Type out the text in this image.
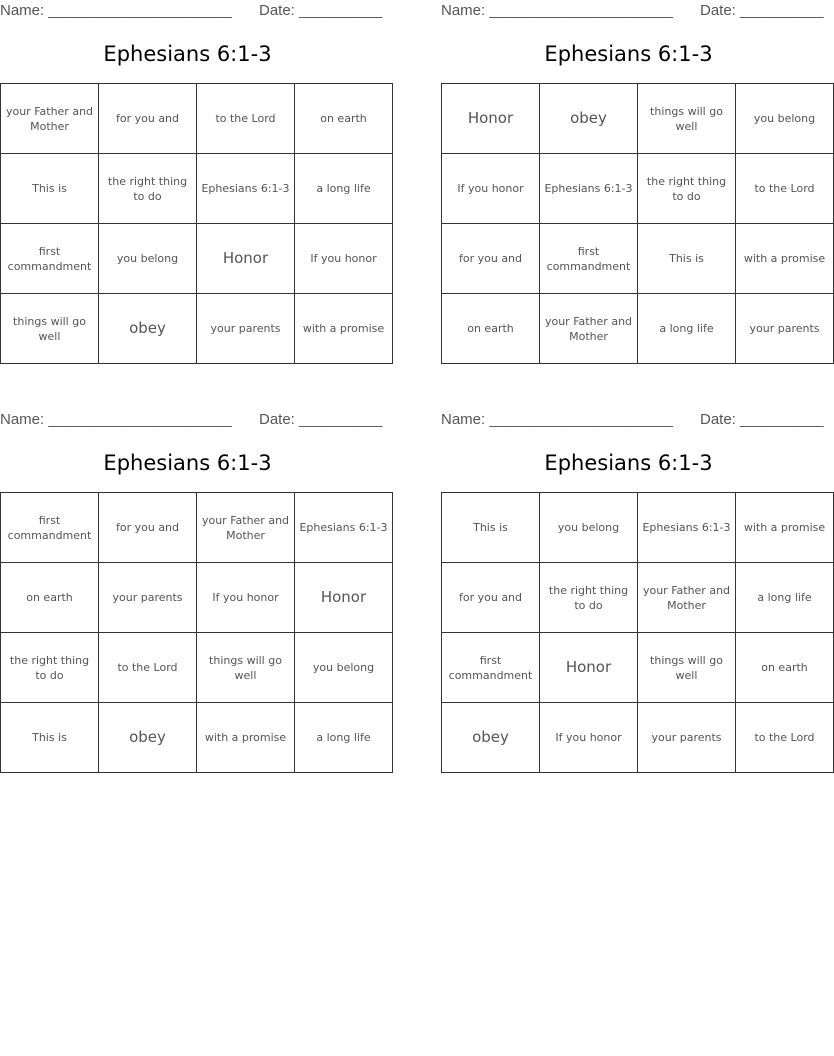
Name: ______________________ Date: __________
Ephesians 6:1-3
your Father and Mother	for you and	to the Lord	on earth
This is	the right thing to do	Ephesians 6:1-3	a long life
first commandment	you belong	Honor	If you honor
things will go well	obey	your parents	with a promise
Name: ______________________ Date: __________
Ephesians 6:1-3
Honor	obey	things will go well	you belong
If you honor	Ephesians 6:1-3	the right thing to do	to the Lord
for you and	first commandment	This is	with a promise
on earth	your Father and Mother	a long life	your parents
Name: ______________________ Date: __________
Ephesians 6:1-3
first commandment	for you and	your Father and Mother	Ephesians 6:1-3
on earth	your parents	If you honor	Honor
the right thing to do	to the Lord	things will go well	you belong
This is	obey	with a promise	a long life
Name: ______________________ Date: __________
Ephesians 6:1-3
This is	you belong	Ephesians 6:1-3	with a promise
for you and	the right thing to do	your Father and Mother	a long life
first commandment	Honor	things will go well	on earth
obey	If you honor	your parents	to the Lord
